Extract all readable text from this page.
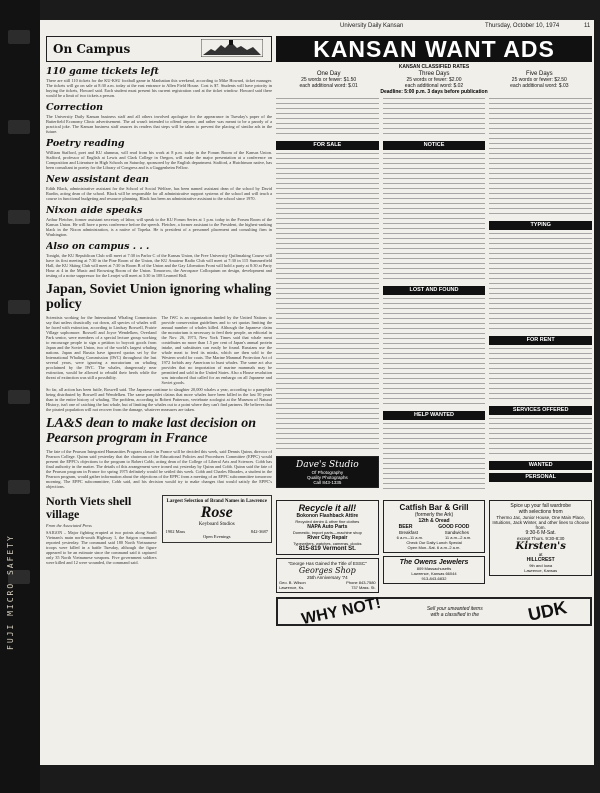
FUJI MICRO SAFETY
University Daily Kansan	Thursday, October 10, 1974	11
On Campus
110 game tickets left

There are still 110 tickets for the KU-KSU football game in Manhattan this weekend, according to Mike Howard, ticket manager. The tickets will go on sale at 8:30 a.m. today at the east entrance to Allen Field House. Cost is $7. Students will have priority in buying the tickets, Howard said. Each student must present his current registration card at the ticket window. Howard said there would be a limit of two tickets a person.

Correction

The University Daily Kansan business staff and all others involved apologize for the appearance in Tuesday's paper of the Butterfield Economy Clinic advertisement. The ad wasn't intended to offend anyone, and rather was meant to be a parody of a practical joke. The Kansan business staff assures its readers that steps will be taken to prevent the placing of similar ads in the future.

Poetry reading

William Stafford, poet and KU alumnus, will read from his work at 8 p.m. today in the Forum Room of the Kansas Union. Stafford, professor of English at Lewis and Clark College in Oregon, will make the major presentation at a conference on Composition and Literature in High Schools on Saturday, sponsored by the English department. Stafford, a Hutchinson native, has been consultant in poetry for the Library of Congress and is a Guggenheim Fellow.

New assistant dean

Edith Black, administrative assistant for the School of Social Welfare, has been named assistant dean of the school by David Rardin, acting dean of the school. Black will be responsible for all administrative support systems of the school and will teach a course in functional budgeting and resource planning. Black has been an administrative assistant to the school since 1970.

Nixon aide speaks

Arthur Fletcher, former assistant secretary of labor, will speak to the KU Forum Series at 1 p.m. today in the Forum Room of the Kansas Union. He will have a press conference before the speech. Fletcher, a former assistant to the President, the highest-ranking black in the Nixon administration, is a native of Topeka. He is president of a personnel placement and consulting firm in Washington.

Also on campus . . .

Tonight, the KU Republican Club will meet at 7:30 in Parlor C of the Kansas Union, the Free University Quiltmaking Course will have its first meeting at 7:30 in the Pine Room of the Union, the KU Amateur Radio Club will meet at 7:30 in 115 Summerfield Hall, the KU Skiing Club will meet at 7:30 in Room B of the Union and the Gay Liberation Front will hold a party at 8:30 at Party Hour at 4 in the Music and Browsing Room of the Union. Tomorrow, the Aerospace Colloquium on design, development and testing of a noise suppressor for the Learjet will meet at 3:30 in 108 Learned Hall.

Japan, Soviet Union ignoring whaling policy

Scientists working for the International Whaling Commission say that unless drastically cut down, all species of whales will be faced with extinction, according to Lindsay Boswell, Prairie Village sophomore. Boswell and Joyce Wendelken, Overland Park senior, were members of a special lecture group working to encourage people to sign a petition to boycott goods from Japan and the Soviet Union, two of the world's largest whaling nations. Japan and Russia have ignored quotas set by the International Whaling Commission (IWC) throughout the last several years, were ignoring a moratorium on whaling proclaimed by the IWC. The whales, dangerously near extinction, would be allowed to rebuild their herds while the threat of extinction was still a possibility.

The IWC is an organization funded by the United Nations to provide conservation guidelines and to set quotas limiting the annual number of whales killed. Although the Japanese claim the moratorium is necessary to feed their people, an editorial in the Nov. 26, 1973, New York Times said that whale meat contributes no more than 1.5 per cent of Japan's annual protein intake, and substitutes can easily be found. Russians use the whale meat to feed its minks, which are then sold to the Western world for coats. The Marine Mammal Protection Act of 1972 forbids any American to hunt whales. The same act also provides that no importation of marine mammals may be permitted and sold in the United States. Also a House resolution was introduced that called for an embargo on all Japanese and Soviet goods.

So far, all action has been futile, Boswell said. The Japanese continue to slaughter 20,000 whales a year, according to a pamphlet being distributed by Boswell and Wendelken. The same pamphlet claims that more whales have been killed in the last 50 years than in the entire history of whaling. The problem, according to Robert Patterson, vertebrate zoologist at the Museum of Natural History, isn't one of catching the last whale, but of limiting the whales out to a point where they can't find partners. He believes that the pirated population will not recover from the damage, whatever measures are taken.

LA&S dean to make last decision on Pearson program in France

The fate of the Pearson Integrated Humanities Program classes in France will be decided this week, said Dennis Quinn, director of Pearson College. Quinn said yesterday that the chairman of the Educational Policies and Procedures Committee (EPPC) would present the EPPC's objections to the program to Robert Cobb, acting dean of the College of Liberal Arts and Sciences. Cobb has final authority in the matter. The details of this arrangement were ironed out yesterday by Quinn and Cobb. Quinn said the fate of the Pearson program in France for spring 1975 definitely would be settled this week. Cobb and Charles Rhoades, a student in the Pearson program, would gather information about the objections of the EPPC from a meeting of an EPPC subcommittee tomorrow morning. The EPPC subcommittee, Cobb said, and his decision would try to make changes that would satisfy the EPPC's objections.

North Viets shell village

From the Associated Press

SAIGON – Major fighting erupted at two points along South Vietnam's main north-south Highway 1, the Saigon command reported yesterday. The command said 180 North Vietnamese troops were killed in a battle Tuesday, although the figure appeared to be an estimate since the command said it captured only 35 North Vietnamese weapons. Five government soldiers were killed and 12 were wounded, the command said.

Largest Selection of Brand Names in Lawrence
Rose
Keyboard Studios
1902 Mass	842-3687
Open Evenings
KANSAN WANT ADS
KANSAN CLASSIFIED RATES
One Day
25 words or fewer: $1.50
each additional word: $.01
Three Days
25 words or fewer: $2.00
each additional word: $.02
Five Days
25 words or fewer: $2.50
each additional word: $.03
Deadline: 5:00 p.m. 3 days before publication
FOR SALE
Dave's Studio
Of Photography
Quality Photographs
Call 843-1335
NOTICE
LOST AND FOUND
HELP WANTED
TYPING
FOR RENT
SERVICES OFFERED
WANTED
PERSONAL
Recycle it all!
Bokonon Flashback Attire
Recycled denim & other fine clothes
NAPA Auto Parts
Domestic, import parts—machine shop
River City Repair
Typewriters, watches, cameras, clocks
815-819 Vermont St.
"George Has Gained the Title of ESSC"
Georges Shop
25th Anniversary '74
Geo. B. Wilson	Phone 843-7580
Lawrence, Ks.	737 Mass. St.
Catfish Bar & Grill
(formerly the Ark)
12th & Oread
BEER	GOOD FOOD
Breakfast	Sandwiches
6 a.m.–11 a.m.	11 a.m.–2 a.m.
Check Our Daily Lunch Special
Open Mon.-Sat. 6 a.m.-2 a.m.
The Owens Jewelers
809 Massachusetts
Lawrence, Kansas 66044
913-843-6832
Spice up your fall wardrobe
with selections from
Thermo Jac, Junior House, One Main Place, Intuitions, Jack Winter, and other lines to choose from.
9:30-6 M-Sat.
except Thurs. 9:30-8:30
Kirsten's
at
HILLCREST
9th and Iowa
Lawrence, Kansas
WHY NOT!	Sell your unwanted items with a classified in the	UDK
